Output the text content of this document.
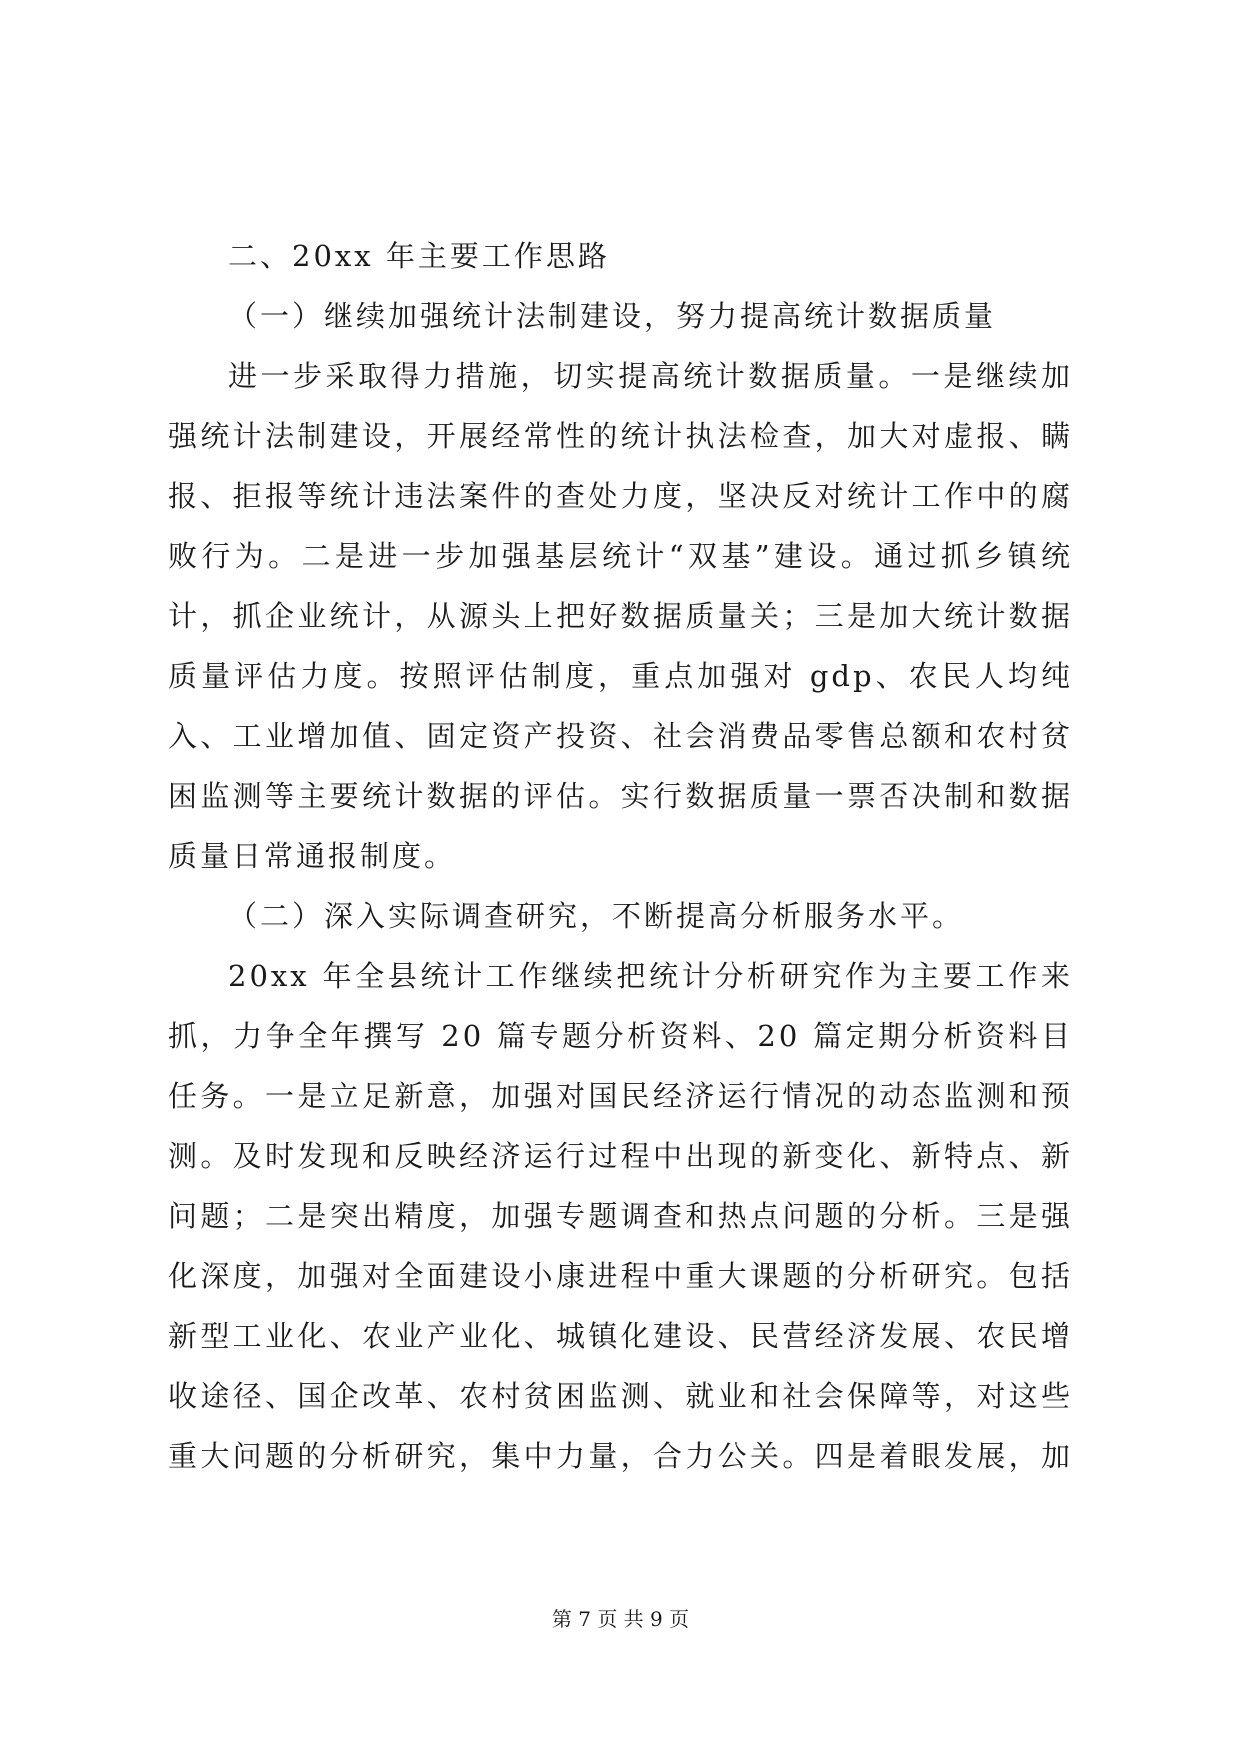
二、20xx 年主要工作思路
（一）继续加强统计法制建设，努力提高统计数据质量
进一步采取得力措施，切实提高统计数据质量。一是继续加
强统计法制建设，开展经常性的统计执法检查，加大对虚报、瞒
报、拒报等统计违法案件的查处力度，坚决反对统计工作中的腐
败行为。二是进一步加强基层统计“双基”建设。通过抓乡镇统
计，抓企业统计，从源头上把好数据质量关；三是加大统计数据
质量评估力度。按照评估制度，重点加强对 gdp、农民人均纯
入、工业增加值、固定资产投资、社会消费品零售总额和农村贫
困监测等主要统计数据的评估。实行数据质量一票否决制和数据
质量日常通报制度。
（二）深入实际调查研究，不断提高分析服务水平。
20xx 年全县统计工作继续把统计分析研究作为主要工作来
抓，力争全年撰写 20 篇专题分析资料、20 篇定期分析资料目
任务。一是立足新意，加强对国民经济运行情况的动态监测和预
测。及时发现和反映经济运行过程中出现的新变化、新特点、新
问题；二是突出精度，加强专题调查和热点问题的分析。三是强
化深度，加强对全面建设小康进程中重大课题的分析研究。包括
新型工业化、农业产业化、城镇化建设、民营经济发展、农民增
收途径、国企改革、农村贫困监测、就业和社会保障等，对这些
重大问题的分析研究，集中力量，合力公关。四是着眼发展，加
第 7 页 共 9 页
